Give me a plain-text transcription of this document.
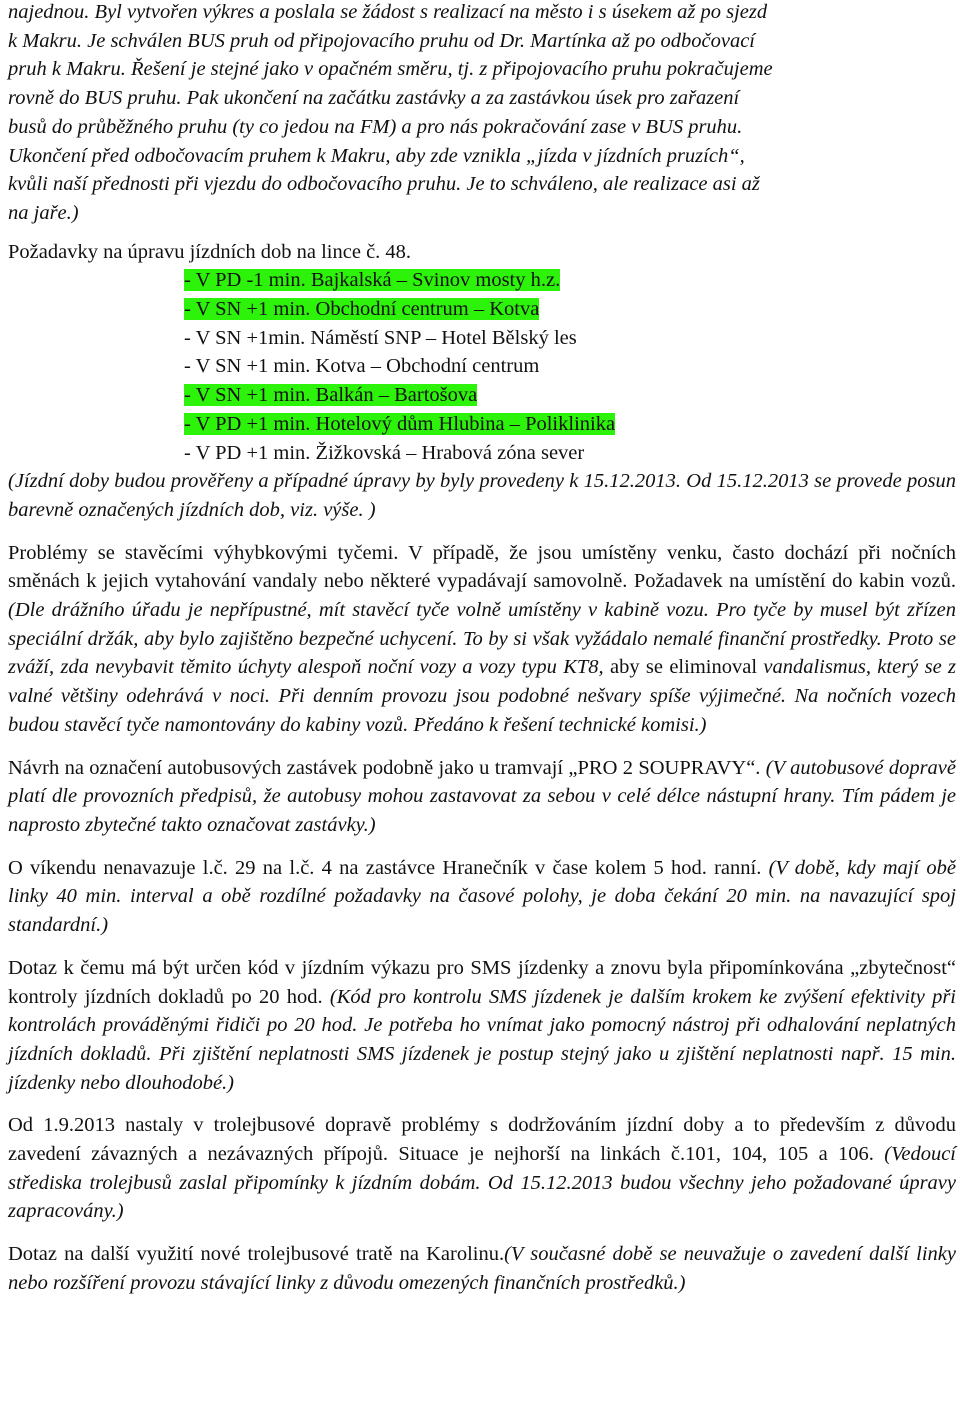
najednou. Byl vytvořen výkres a poslala se žádost s realizací na město i s úsekem až po sjezd
k Makru. Je schválen BUS pruh od připojovacího pruhu od Dr. Martínka až po odbočovací
pruh k Makru. Řešení je stejné jako v opačném směru, tj. z připojovacího pruhu pokračujeme
rovně do BUS pruhu. Pak ukončení na začátku zastávky a za zastávkou úsek pro zařazení
busů do průběžného pruhu (ty co jedou na FM) a pro nás pokračování zase v BUS pruhu.
Ukončení před odbočovacím pruhem k Makru, aby zde vznikla „jízda v jízdních pruzích“,
kvůli naší přednosti při vjezdu do odbočovacího pruhu. Je to schváleno, ale realizace asi až
na jaře.)

Požadavky na úpravu jízdních dob na lince č. 48.

- V PD -1 min. Bajkalská – Svinov mosty h.z.
- V SN +1 min. Obchodní centrum – Kotva
- V SN +1min. Náměstí SNP – Hotel Bělský les
- V SN +1 min. Kotva – Obchodní centrum
- V SN +1 min. Balkán – Bartošova
- V PD +1 min. Hotelový dům Hlubina – Poliklinika
- V PD +1 min. Žižkovská – Hrabová zóna sever

(Jízdní doby budou prověřeny a případné úpravy by byly provedeny k 15.12.2013. Od 15.12.2013 se provede posun barevně označených jízdních dob, viz. výše. )

Problémy se stavěcími výhybkovými tyčemi. V případě, že jsou umístěny venku, často dochází při nočních směnách k jejich vytahování vandaly nebo některé vypadávají samovolně. Požadavek na umístění do kabin vozů. (Dle drážního úřadu je nepřípustné, mít stavěcí tyče volně umístěny v kabině vozu. Pro tyče by musel být zřízen speciální držák, aby bylo zajištěno bezpečné uchycení. To by si však vyžádalo nemalé finanční prostředky. Proto se zváží, zda nevybavit těmito úchyty alespoň noční vozy a vozy typu KT8, aby se eliminoval vandalismus, který se z valné většiny odehrává v noci. Při denním provozu jsou podobné nešvary spíše výjimečné. Na nočních vozech budou stavěcí tyče namontovány do kabiny vozů. Předáno k řešení technické komisi.)

Návrh na označení autobusových zastávek podobně jako u tramvají „PRO 2 SOUPRAVY“. (V autobusové dopravě platí dle provozních předpisů, že autobusy mohou zastavovat za sebou v celé délce nástupní hrany. Tím pádem je naprosto zbytečné takto označovat zastávky.)

O víkendu nenavazuje l.č. 29 na l.č. 4 na zastávce Hranečník v čase kolem 5 hod. ranní. (V době, kdy mají obě linky 40 min. interval a obě rozdílné požadavky na časové polohy, je doba čekání 20 min. na navazující spoj standardní.)

Dotaz k čemu má být určen kód v jízdním výkazu pro SMS jízdenky a znovu byla připomínkována „zbytečnost“ kontroly jízdních dokladů po 20 hod. (Kód pro kontrolu SMS jízdenek je dalším krokem ke zvýšení efektivity při kontrolách prováděnými řidiči po 20 hod. Je potřeba ho vnímat jako pomocný nástroj při odhalování neplatných jízdních dokladů. Při zjištění neplatnosti SMS jízdenek je postup stejný jako u zjištění neplatnosti např. 15 min. jízdenky nebo dlouhodobé.)

Od 1.9.2013 nastaly v trolejbusové dopravě problémy s dodržováním jízdní doby a to především z důvodu zavedení závazných a nezávazných přípojů. Situace je nejhorší na linkách č.101, 104, 105 a 106. (Vedoucí střediska trolejbusů zaslal připomínky k jízdním dobám. Od 15.12.2013 budou všechny jeho požadované úpravy zapracovány.)

Dotaz na další využití nové trolejbusové tratě na Karolinu.(V současné době se neuvažuje o zavedení další linky nebo rozšíření provozu stávající linky z důvodu omezených finančních prostředků.)
